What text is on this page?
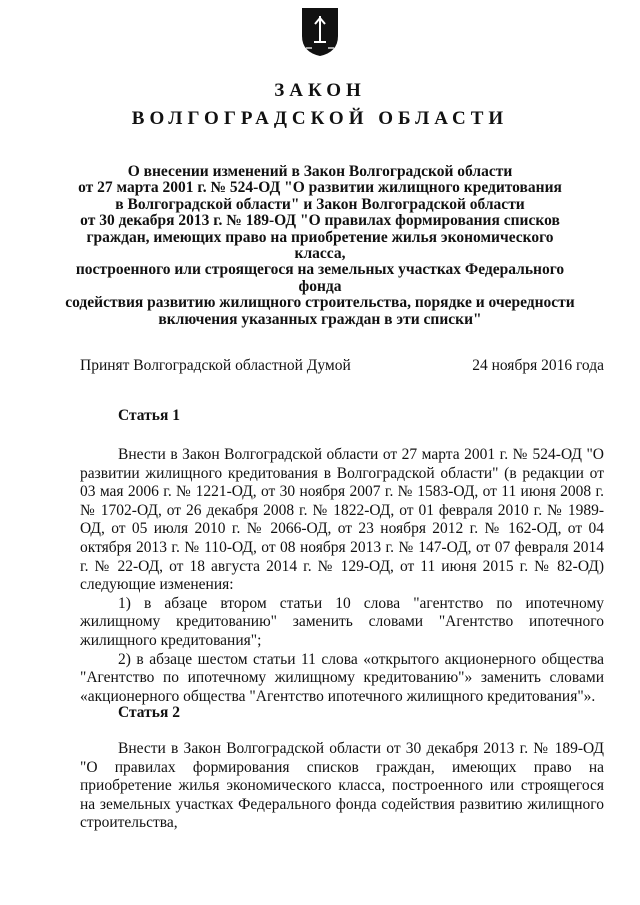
ЗАКОН
ВОЛГОГРАДСКОЙ ОБЛАСТИ
О внесении изменений в Закон Волгоградской области
от 27 марта 2001 г. № 524-ОД "О развитии жилищного кредитования
в Волгоградской области" и Закон Волгоградской области
от 30 декабря 2013 г. № 189-ОД "О правилах формирования списков
граждан, имеющих право на приобретение жилья экономического класса,
построенного или строящегося на земельных участках Федерального фонда
содействия развитию жилищного строительства, порядке и очередности
включения указанных граждан в эти списки"
Принят Волгоградской областной Думой	24 ноября 2016 года
Статья 1

Внести в Закон Волгоградской области от 27 марта 2001 г. № 524-ОД "О развитии жилищного кредитования в Волгоградской области" (в редакции от 03 мая 2006 г. № 1221-ОД, от 30 ноября 2007 г. № 1583-ОД, от 11 июня 2008 г. № 1702-ОД, от 26 декабря 2008 г. № 1822-ОД, от 01 февраля 2010 г. № 1989-ОД, от 05 июля 2010 г. № 2066-ОД, от 23 ноября 2012 г. № 162-ОД, от 04 октября 2013 г. № 110-ОД, от 08 ноября 2013 г. № 147-ОД, от 07 февраля 2014 г. № 22-ОД, от 18 августа 2014 г. № 129-ОД, от 11 июня 2015 г. № 82-ОД) следующие изменения:

1) в абзаце втором статьи 10 слова "агентство по ипотечному жилищному кредитованию" заменить словами "Агентство ипотечного жилищного кредитования";

2) в абзаце шестом статьи 11 слова «открытого акционерного общества "Агентство по ипотечному жилищному кредитованию"» заменить словами «акционерного общества "Агентство ипотечного жилищного кредитования"».

Статья 2

Внести в Закон Волгоградской области от 30 декабря 2013 г. № 189-ОД "О правилах формирования списков граждан, имеющих право на приобретение жилья экономического класса, построенного или строящегося на земельных участках Федерального фонда содействия развитию жилищного строительства,
